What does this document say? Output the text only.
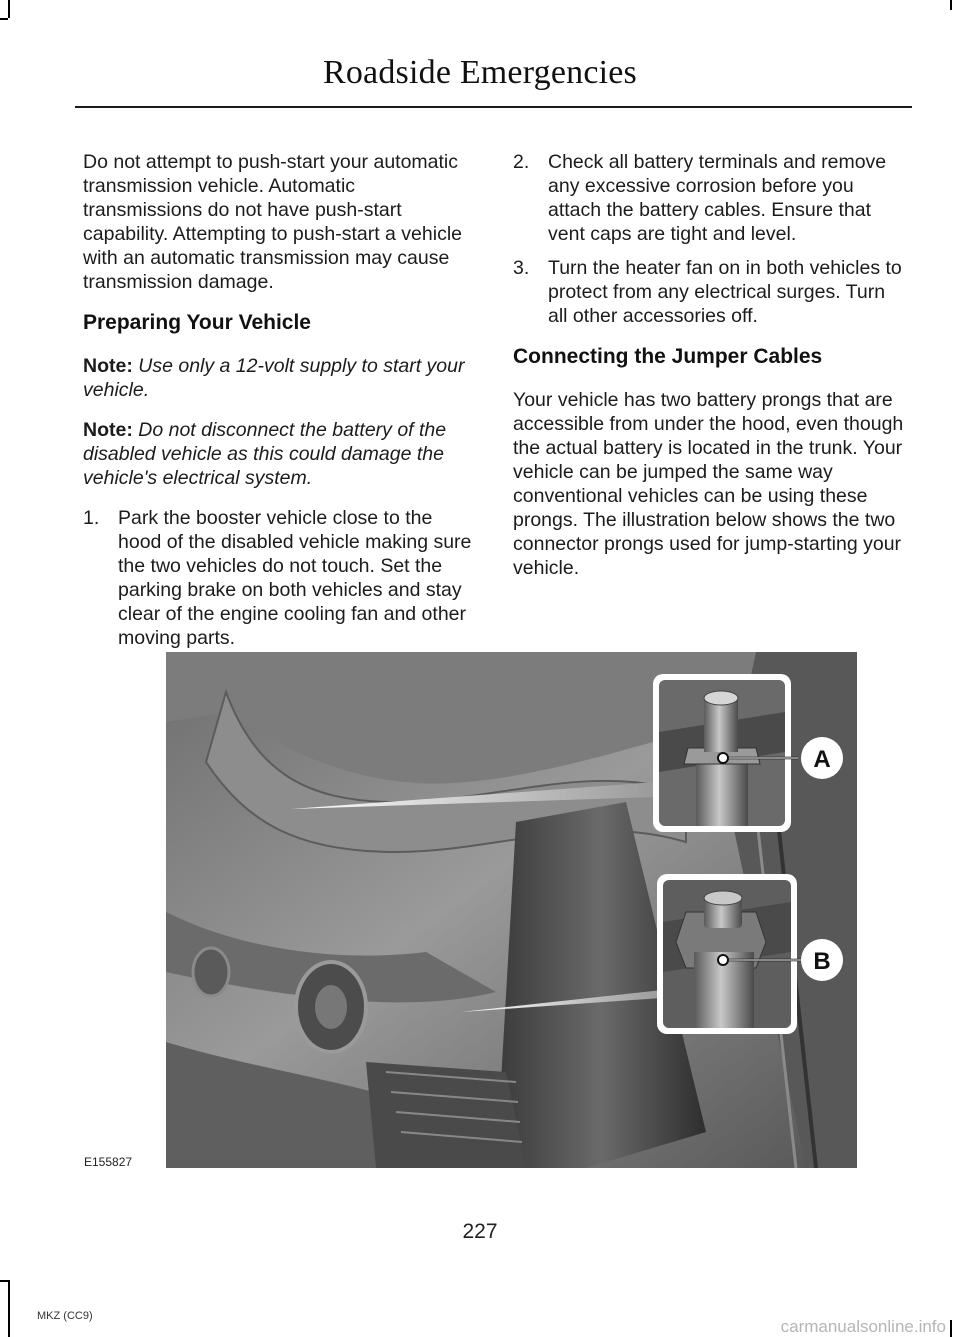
Roadside Emergencies

Do not attempt to push-start your automatic transmission vehicle. Automatic transmissions do not have push-start capability. Attempting to push-start a vehicle with an automatic transmission may cause transmission damage.

Preparing Your Vehicle

Note: Use only a 12-volt supply to start your vehicle.

Note: Do not disconnect the battery of the disabled vehicle as this could damage the vehicle's electrical system.

1. Park the booster vehicle close to the hood of the disabled vehicle making sure the two vehicles do not touch. Set the parking brake on both vehicles and stay clear of the engine cooling fan and other moving parts.
2. Check all battery terminals and remove any excessive corrosion before you attach the battery cables. Ensure that vent caps are tight and level.
3. Turn the heater fan on in both vehicles to protect from any electrical surges. Turn all other accessories off.
Connecting the Jumper Cables

Your vehicle has two battery prongs that are accessible from under the hood, even though the actual battery is located in the trunk. Your vehicle can be jumped the same way conventional vehicles can be using these prongs. The illustration below shows the two connector prongs used for jump-starting your vehicle.

E155827
A
B
227
MKZ (CC9)
carmanualsonline.info
